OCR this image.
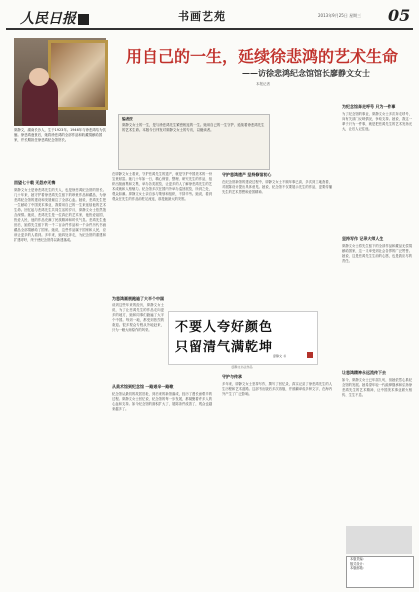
人民日报	书画艺苑	2013年9月25日 星期三 05
廖静文，湖南长沙人，生于1923年。1946年与徐悲鸿结为伉俪。徐悲鸿逝世后，她将徐悲鸿的全部作品和收藏捐献给国家，并长期担任徐悲鸿纪念馆馆长。
用自己的一生，延续徐悲鸿的艺术生命
——访徐悲鸿纪念馆馆长廖静文女士
本报记者
编者按
廖静文女士的一生，是与徐悲鸿先生紧密相连的一生。她用自己的一生守护、延续着徐悲鸿先生的艺术生命。本版今日刊发对廖静文女士的专访，以飨读者。
回望七十载 无怨亦无悔
廖静文女士是徐悲鸿先生的夫人，也是徐悲鸿纪念馆的馆长。几十年来，她守护着徐悲鸿先生留下的珍贵作品和藏品，为徐悲鸿纪念馆的建设和发展倾注了全部心血。她说，悲鸿先生把一生献给了中国美术事业，我要用自己的一生来延续他的艺术生命。回忆起与悲鸿先生共同生活的岁月，廖静文女士依然饱含深情。她说，悲鸿先生是一位真正的艺术家，他热爱祖国，热爱人民，他的作品充满了民族精神和时代气息。悲鸿先生逝世后，她将先生留下的一千二百余件作品和一千余件历代书画藏品全部捐献给了国家。她说，这些作品属于国家和人民，应该让更多的人看到。多年来，她四处奔走，为纪念馆的重建和扩建呼吁，终于使纪念馆得以新建落成。
在廖静文女士看来，守护悲鸿先生的遗产，就是守护中国美术的一份宝贵财富。她几十年如一日，精心保管、整理、研究先生的作品，组织出版画集和文集，举办各类展览，让更多的人了解徐悲鸿先生的艺术成就和人格魅力。纪念馆多次在国内外举办巡回展览，所到之处，观众如潮。廖静文女士亲自参与策划和组织，不辞辛劳。她说，看到观众在先生的作品前驻足流连，那是她最大的安慰。
为悲鸿画展跑遍了大半个中国
谈到这些年来的经历，廖静文女士说，为了让悲鸿先生的作品走向更多的地方，她和同事们跑遍了大半个中国。每到一地，都受到热烈的欢迎。很多观众专程从外地赶来，只为一睹大师原作的风采。
从美术馆到纪念馆 一路艰辛一路歌
纪念馆从最初的故居旧址，到后来的新馆落成，经历了漫长而艰辛的过程。廖静文女士回忆说，纪念馆的每一步发展，都凝聚着许多人的心血和支持。如今纪念馆的面积扩大了，展陈条件改善了，观众也越来越多了。
守护悲鸿遗产 坚持修馆初心
在纪念馆新馆的建设过程中，廖静文女士不顾年事已高，多次到工地查看，对展陈设计提出具体意见。她说，纪念馆不仅要展示先生的作品，更要传播先生的艺术思想和爱国精神。
守护与传承
多年来，廖静文女士坚持写作，撰写了回忆录，真实记录了徐悲鸿先生的人生历程和艺术道路。这部书出版后多次再版，并被翻译成多种文字，在海内外产生了广泛影响。
为纪念馆奔走呼号 只为一件事
为了纪念馆的事业，廖静文女士多次奔走呼号，向有关部门反映情况，争取支持。她说，我这一辈子只为一件事，就是把悲鸿先生的艺术发扬光大，让后人记住他。
坚持写作 记录大师人生
廖静文女士将先生留下的全部作品和藏品无偿捐献给国家，这一义举受到社会各界的广泛赞誉。她说，这是悲鸿先生生前的心愿，也是我应尽的责任。
让悲鸿精神永远流传下去
如今，廖静文女士已年届九旬，但她依然心系纪念馆的发展。她希望年轻一代能够继承和弘扬徐悲鸿先生的艺术精神，让中国美术事业薪火相传、生生不息。
不要人夸好颜色
只留清气满乾坤
廖静文 书
廖静文书法作品
本版责编：
版式设计：
本版邮箱：
